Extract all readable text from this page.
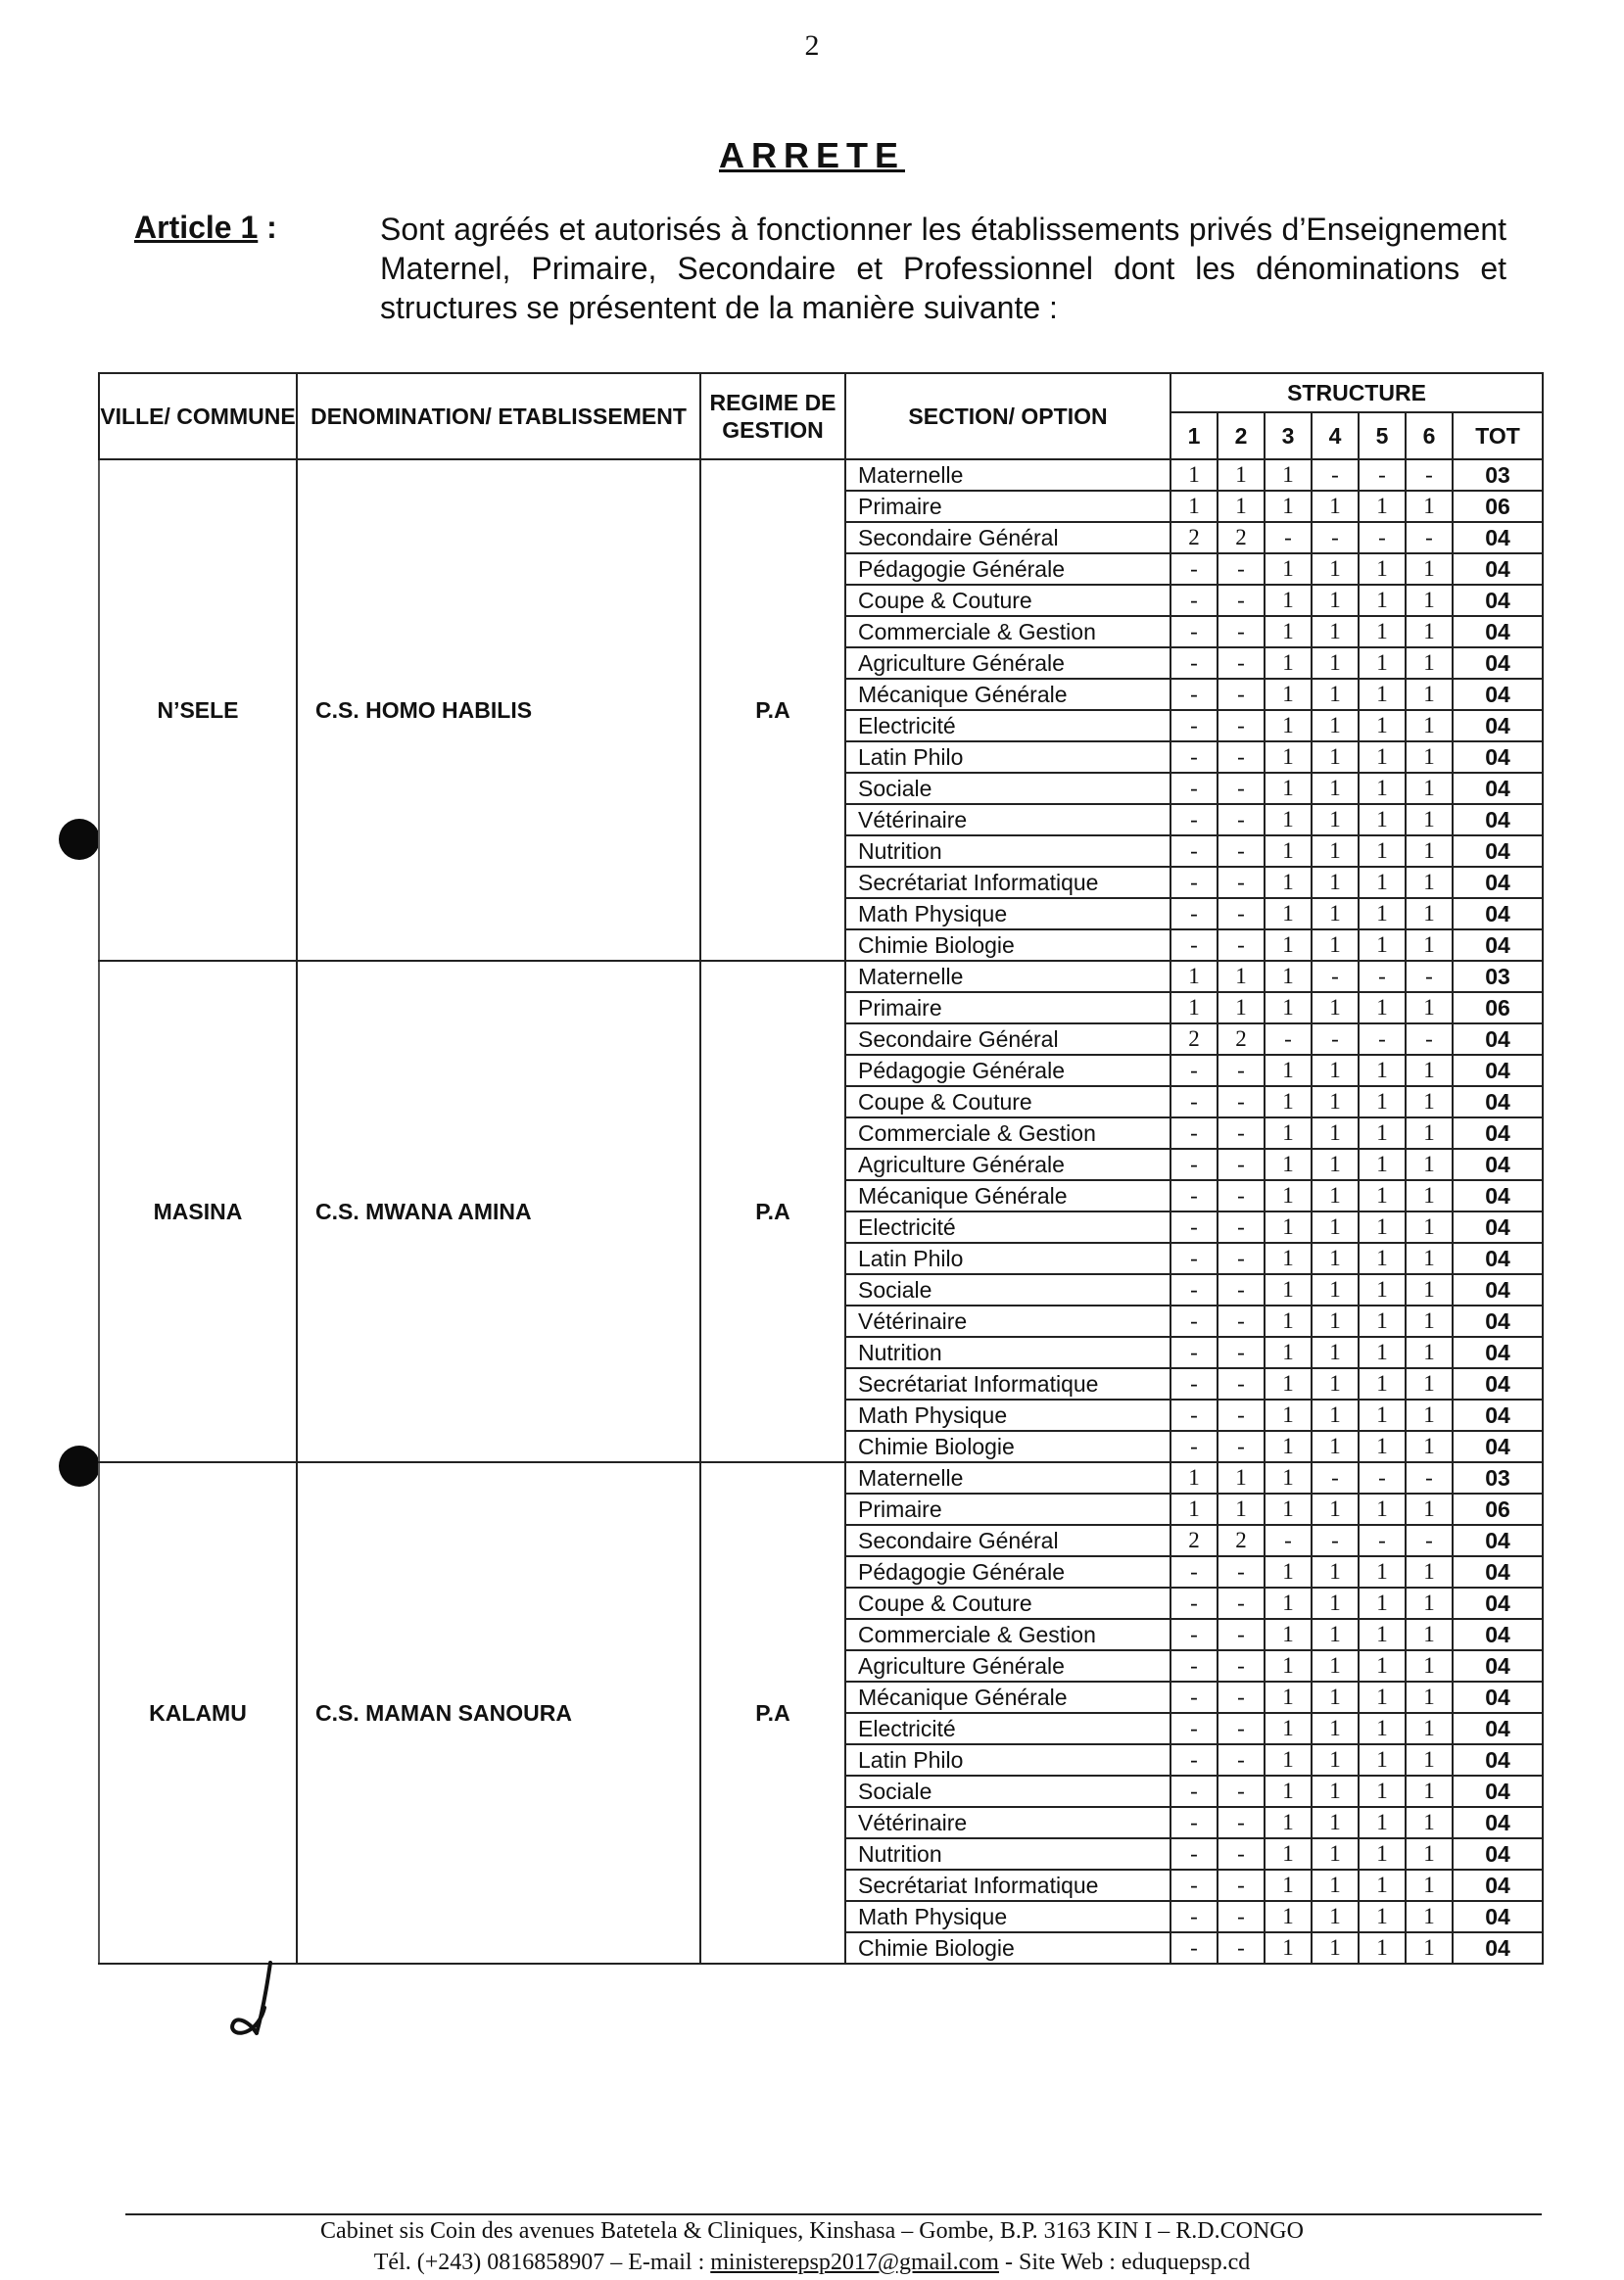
2
ARRETE
Article 1 :	Sont agréés et autorisés à fonctionner les établissements privés d’Enseignement Maternel, Primaire, Secondaire et Professionnel dont les dénominations et structures se présentent de la manière suivante :
VILLE/ COMMUNE	DENOMINATION/ ETABLISSEMENT	REGIME DE GESTION	SECTION/ OPTION	STRUCTURE						
				1	2	3	4	5	6	TOT
N’SELE	C.S. HOMO HABILIS	P.A	Maternelle	1	1	1	-	-	-	03
			Primaire	1	1	1	1	1	1	06
			Secondaire Général	2	2	-	-	-	-	04
			Pédagogie Générale	-	-	1	1	1	1	04
			Coupe & Couture	-	-	1	1	1	1	04
			Commerciale & Gestion	-	-	1	1	1	1	04
			Agriculture Générale	-	-	1	1	1	1	04
			Mécanique Générale	-	-	1	1	1	1	04
			Electricité	-	-	1	1	1	1	04
			Latin Philo	-	-	1	1	1	1	04
			Sociale	-	-	1	1	1	1	04
			Vétérinaire	-	-	1	1	1	1	04
			Nutrition	-	-	1	1	1	1	04
			Secrétariat Informatique	-	-	1	1	1	1	04
			Math Physique	-	-	1	1	1	1	04
			Chimie Biologie	-	-	1	1	1	1	04
MASINA	C.S. MWANA AMINA	P.A	Maternelle	1	1	1	-	-	-	03
			Primaire	1	1	1	1	1	1	06
			Secondaire Général	2	2	-	-	-	-	04
			Pédagogie Générale	-	-	1	1	1	1	04
			Coupe & Couture	-	-	1	1	1	1	04
			Commerciale & Gestion	-	-	1	1	1	1	04
			Agriculture Générale	-	-	1	1	1	1	04
			Mécanique Générale	-	-	1	1	1	1	04
			Electricité	-	-	1	1	1	1	04
			Latin Philo	-	-	1	1	1	1	04
			Sociale	-	-	1	1	1	1	04
			Vétérinaire	-	-	1	1	1	1	04
			Nutrition	-	-	1	1	1	1	04
			Secrétariat Informatique	-	-	1	1	1	1	04
			Math Physique	-	-	1	1	1	1	04
			Chimie Biologie	-	-	1	1	1	1	04
KALAMU	C.S. MAMAN SANOURA	P.A	Maternelle	1	1	1	-	-	-	03
			Primaire	1	1	1	1	1	1	06
			Secondaire Général	2	2	-	-	-	-	04
			Pédagogie Générale	-	-	1	1	1	1	04
			Coupe & Couture	-	-	1	1	1	1	04
			Commerciale & Gestion	-	-	1	1	1	1	04
			Agriculture Générale	-	-	1	1	1	1	04
			Mécanique Générale	-	-	1	1	1	1	04
			Electricité	-	-	1	1	1	1	04
			Latin Philo	-	-	1	1	1	1	04
			Sociale	-	-	1	1	1	1	04
			Vétérinaire	-	-	1	1	1	1	04
			Nutrition	-	-	1	1	1	1	04
			Secrétariat Informatique	-	-	1	1	1	1	04
			Math Physique	-	-	1	1	1	1	04
			Chimie Biologie	-	-	1	1	1	1	04
Cabinet sis Coin des avenues Batetela & Cliniques, Kinshasa – Gombe, B.P. 3163 KIN I – R.D.CONGO
Tél. (+243) 0816858907 – E-mail : ministerepsp2017@gmail.com - Site Web : eduquepsp.cd
